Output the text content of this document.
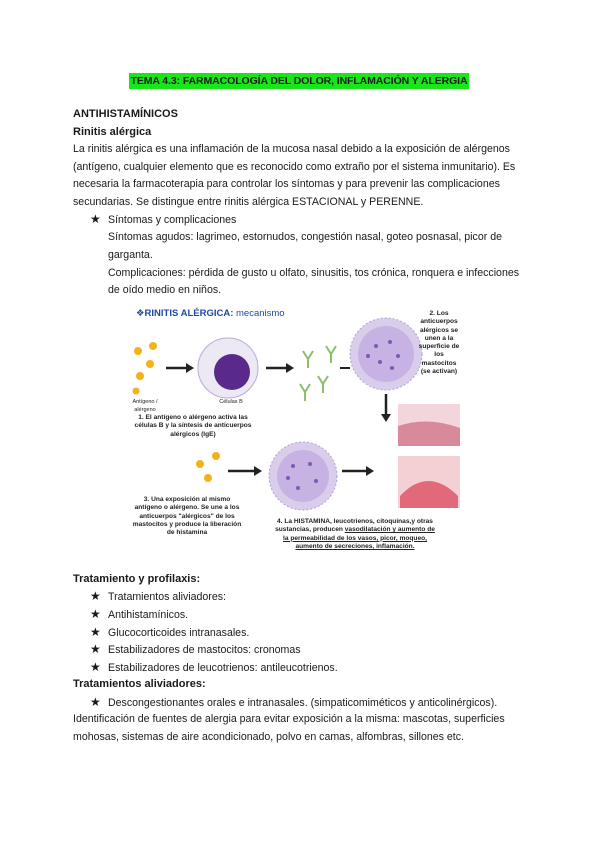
TEMA 4.3: FARMACOLOGÍA DEL DOLOR, INFLAMACIÓN Y ALERGIA
ANTIHISTAMÍNICOS
Rinitis alérgica
La rinitis alérgica es una inflamación de la mucosa nasal debido a la exposición de alérgenos
(antígeno, cualquier elemento que es reconocido como extraño por el sistema inmunitario). Es
necesaria la farmacoterapia para controlar los síntomas y para prevenir las complicaciones
secundarias. Se distingue entre rinitis alérgica ESTACIONAL y PERENNE.
★ Síntomas y complicaciones
Síntomas agudos: lagrimeo, estornudos, congestión nasal, goteo posnasal, picor de
garganta.
Complicaciones: pérdida de gusto u olfato, sinusitis, tos crónica, ronquera e infecciones
de oído medio en niños.
❖RINITIS ALÉRGICA: mecanismo
Antígeno / alérgeno
Células B
1. El antígeno o alérgeno activa las células B y la síntesis de anticuerpos alérgicos (IgE)
2. Los anticuerpos alérgicos se unen a la superficie de los mastocitos (se activan)
3. Una exposición al mismo antígeno o alérgeno. Se une a los anticuerpos "alérgicos" de los mastocitos y produce la liberación de histamina
4. La HISTAMINA, leucotrienos, citoquinas,y otras
sustancias, producen vasodilatación y aumento de
la permeabilidad de los vasos, picor, moqueo,
aumento de secreciones, inflamación.
Tratamiento y profilaxis:
★ Tratamientos aliviadores:
★ Antihistamínicos.
★ Glucocorticoides intranasales.
★ Estabilizadores de mastocitos: cronomas
★ Estabilizadores de leucotrienos: antileucotrienos.
Tratamientos aliviadores:
★ Descongestionantes orales e intranasales. (simpaticomiméticos y anticolinérgicos).
Identificación de fuentes de alergia para evitar exposición a la misma: mascotas, superficies
mohosas, sistemas de aire acondicionado, polvo en camas, alfombras, sillones etc.
